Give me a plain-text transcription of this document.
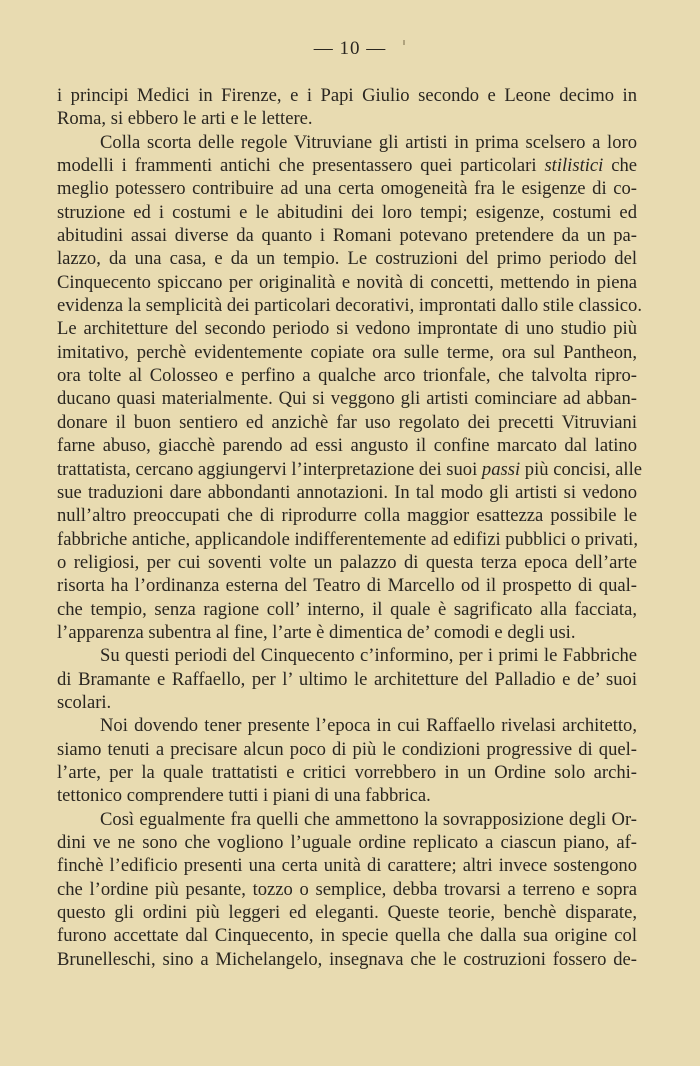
— 10 —
i principi Medici in Firenze, e i Papi Giulio secondo e Leone decimo in
Roma, si ebbero le arti e le lettere.
Colla scorta delle regole Vitruviane gli artisti in prima scelsero a loro
modelli i frammenti antichi che presentassero quei particolari stilistici che
meglio potessero contribuire ad una certa omogeneità fra le esigenze di co-
struzione ed i costumi e le abitudini dei loro tempi; esigenze, costumi ed
abitudini assai diverse da quanto i Romani potevano pretendere da un pa-
lazzo, da una casa, e da un tempio. Le costruzioni del primo periodo del
Cinquecento spiccano per originalità e novità di concetti, mettendo in piena
evidenza la semplicità dei particolari decorativi, improntati dallo stile classico.
Le architetture del secondo periodo si vedono improntate di uno studio più
imitativo, perchè evidentemente copiate ora sulle terme, ora sul Pantheon,
ora tolte al Colosseo e perfino a qualche arco trionfale, che talvolta ripro-
ducano quasi materialmente. Qui si veggono gli artisti cominciare ad abban-
donare il buon sentiero ed anzichè far uso regolato dei precetti Vitruviani
farne abuso, giacchè parendo ad essi angusto il confine marcato dal latino
trattatista, cercano aggiungervi l’interpretazione dei suoi passi più concisi, alle
sue traduzioni dare abbondanti annotazioni. In tal modo gli artisti si vedono
null’altro preoccupati che di riprodurre colla maggior esattezza possibile le
fabbriche antiche, applicandole indifferentemente ad edifizi pubblici o privati,
o religiosi, per cui soventi volte un palazzo di questa terza epoca dell’arte
risorta ha l’ordinanza esterna del Teatro di Marcello od il prospetto di qual-
che tempio, senza ragione coll’ interno, il quale è sagrificato alla facciata,
l’apparenza subentra al fine, l’arte è dimentica de’ comodi e degli usi.
Su questi periodi del Cinquecento c’informino, per i primi le Fabbriche
di Bramante e Raffaello, per l’ ultimo le architetture del Palladio e de’ suoi
scolari.
Noi dovendo tener presente l’epoca in cui Raffaello rivelasi architetto,
siamo tenuti a precisare alcun poco di più le condizioni progressive di quel-
l’arte, per la quale trattatisti e critici vorrebbero in un Ordine solo archi-
tettonico comprendere tutti i piani di una fabbrica.
Così egualmente fra quelli che ammettono la sovrapposizione degli Or-
dini ve ne sono che vogliono l’uguale ordine replicato a ciascun piano, af-
finchè l’edificio presenti una certa unità di carattere; altri invece sostengono
che l’ordine più pesante, tozzo o semplice, debba trovarsi a terreno e sopra
questo gli ordini più leggeri ed eleganti. Queste teorie, benchè disparate,
furono accettate dal Cinquecento, in specie quella che dalla sua origine col
Brunelleschi, sino a Michelangelo, insegnava che le costruzioni fossero de-
